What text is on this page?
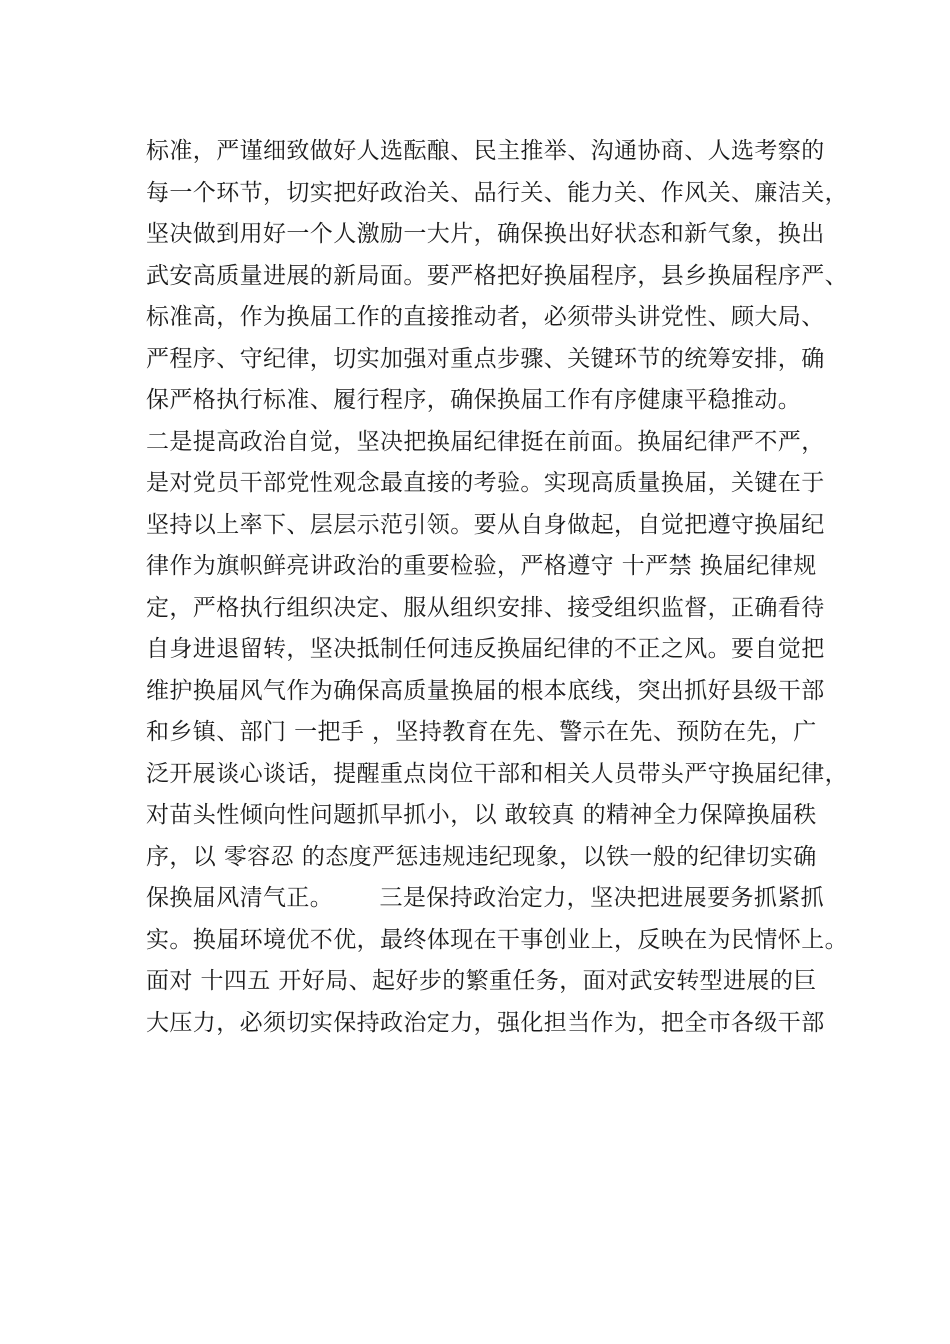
标准，严谨细致做好人选酝酿、民主推举、沟通协商、人选考察的
每一个环节，切实把好政治关、品行关、能力关、作风关、廉洁关，
坚决做到用好一个人激励一大片，确保换出好状态和新气象，换出
武安高质量进展的新局面。要严格把好换届程序，县乡换届程序严、
标准高，作为换届工作的直接推动者，必须带头讲党性、顾大局、
严程序、守纪律，切实加强对重点步骤、关键环节的统筹安排，确
保严格执行标准、履行程序，确保换届工作有序健康平稳推动。
二是提高政治自觉，坚决把换届纪律挺在前面。换届纪律严不严，
是对党员干部党性观念最直接的考验。实现高质量换届，关键在于
坚持以上率下、层层示范引领。要从自身做起，自觉把遵守换届纪
律作为旗帜鲜亮讲政治的重要检验，严格遵守 十严禁 换届纪律规
定，严格执行组织决定、服从组织安排、接受组织监督，正确看待
自身进退留转，坚决抵制任何违反换届纪律的不正之风。要自觉把
维护换届风气作为确保高质量换届的根本底线，突出抓好县级干部
和乡镇、部门 一把手 ，坚持教育在先、警示在先、预防在先，广
泛开展谈心谈话，提醒重点岗位干部和相关人员带头严守换届纪律，
对苗头性倾向性问题抓早抓小，以 敢较真 的精神全力保障换届秩
序，以 零容忍 的态度严惩违规违纪现象，以铁一般的纪律切实确
保换届风清气正。      三是保持政治定力，坚决把进展要务抓紧抓
实。换届环境优不优，最终体现在干事创业上，反映在为民情怀上。
面对 十四五 开好局、起好步的繁重任务，面对武安转型进展的巨
大压力，必须切实保持政治定力，强化担当作为，把全市各级干部
